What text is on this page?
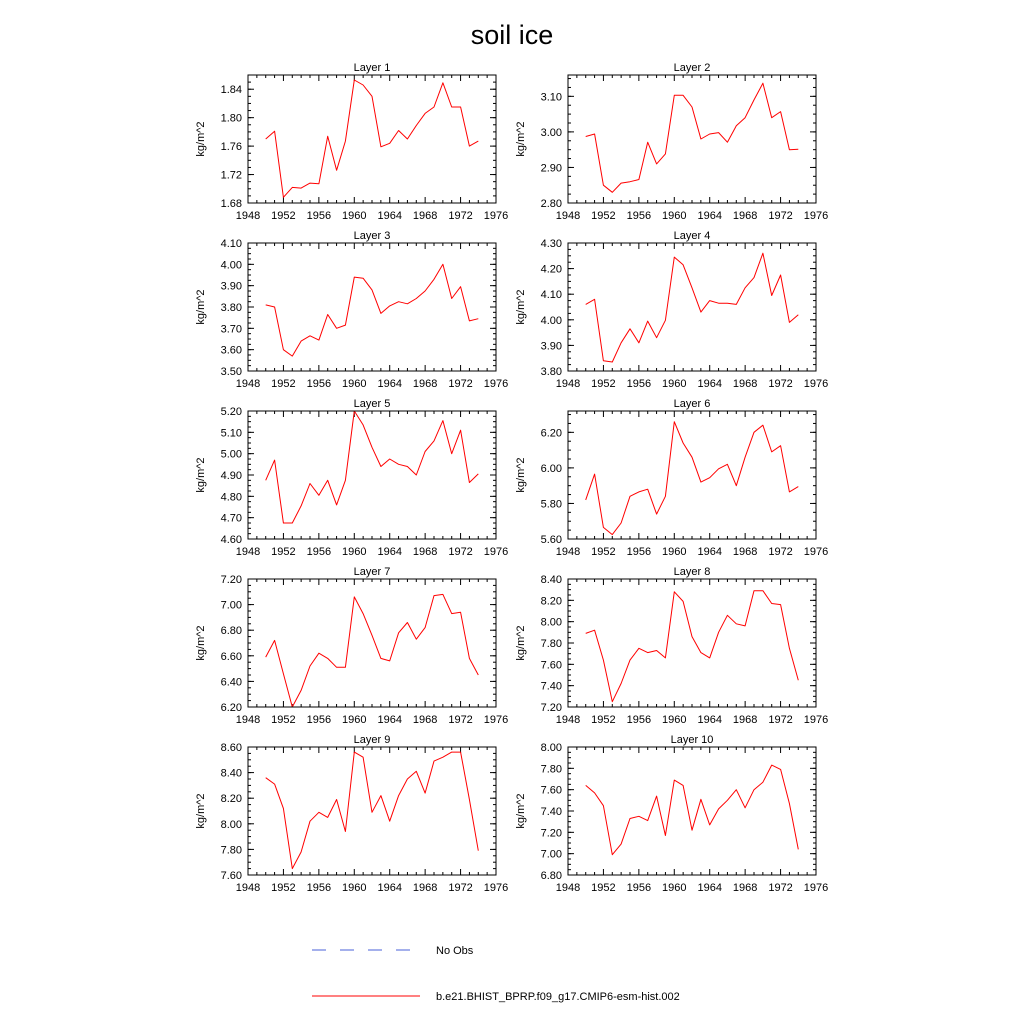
soil ice
Layer 1
kg/m^2
1948 1952 1956 1960 1964 1968 1972 1976
1.68
1.72
1.76
1.80
1.84
Layer 2
kg/m^2
1948 1952 1956 1960 1964 1968 1972 1976
2.80
2.90
3.00
3.10
Layer 3
kg/m^2
1948 1952 1956 1960 1964 1968 1972 1976
3.50
3.60
3.70
3.80
3.90
4.00
4.10
Layer 4
kg/m^2
1948 1952 1956 1960 1964 1968 1972 1976
3.80
3.90
4.00
4.10
4.20
4.30
Layer 5
kg/m^2
1948 1952 1956 1960 1964 1968 1972 1976
4.60
4.70
4.80
4.90
5.00
5.10
5.20
Layer 6
kg/m^2
1948 1952 1956 1960 1964 1968 1972 1976
5.60
5.80
6.00
6.20
Layer 7
kg/m^2
1948 1952 1956 1960 1964 1968 1972 1976
6.20
6.40
6.60
6.80
7.00
7.20
Layer 8
kg/m^2
1948 1952 1956 1960 1964 1968 1972 1976
7.20
7.40
7.60
7.80
8.00
8.20
8.40
Layer 9
kg/m^2
1948 1952 1956 1960 1964 1968 1972 1976
7.60
7.80
8.00
8.20
8.40
8.60
Layer 10
kg/m^2
1948 1952 1956 1960 1964 1968 1972 1976
6.80
7.00
7.20
7.40
7.60
7.80
8.00
No Obs
b.e21.BHIST_BPRP.f09_g17.CMIP6-esm-hist.002
